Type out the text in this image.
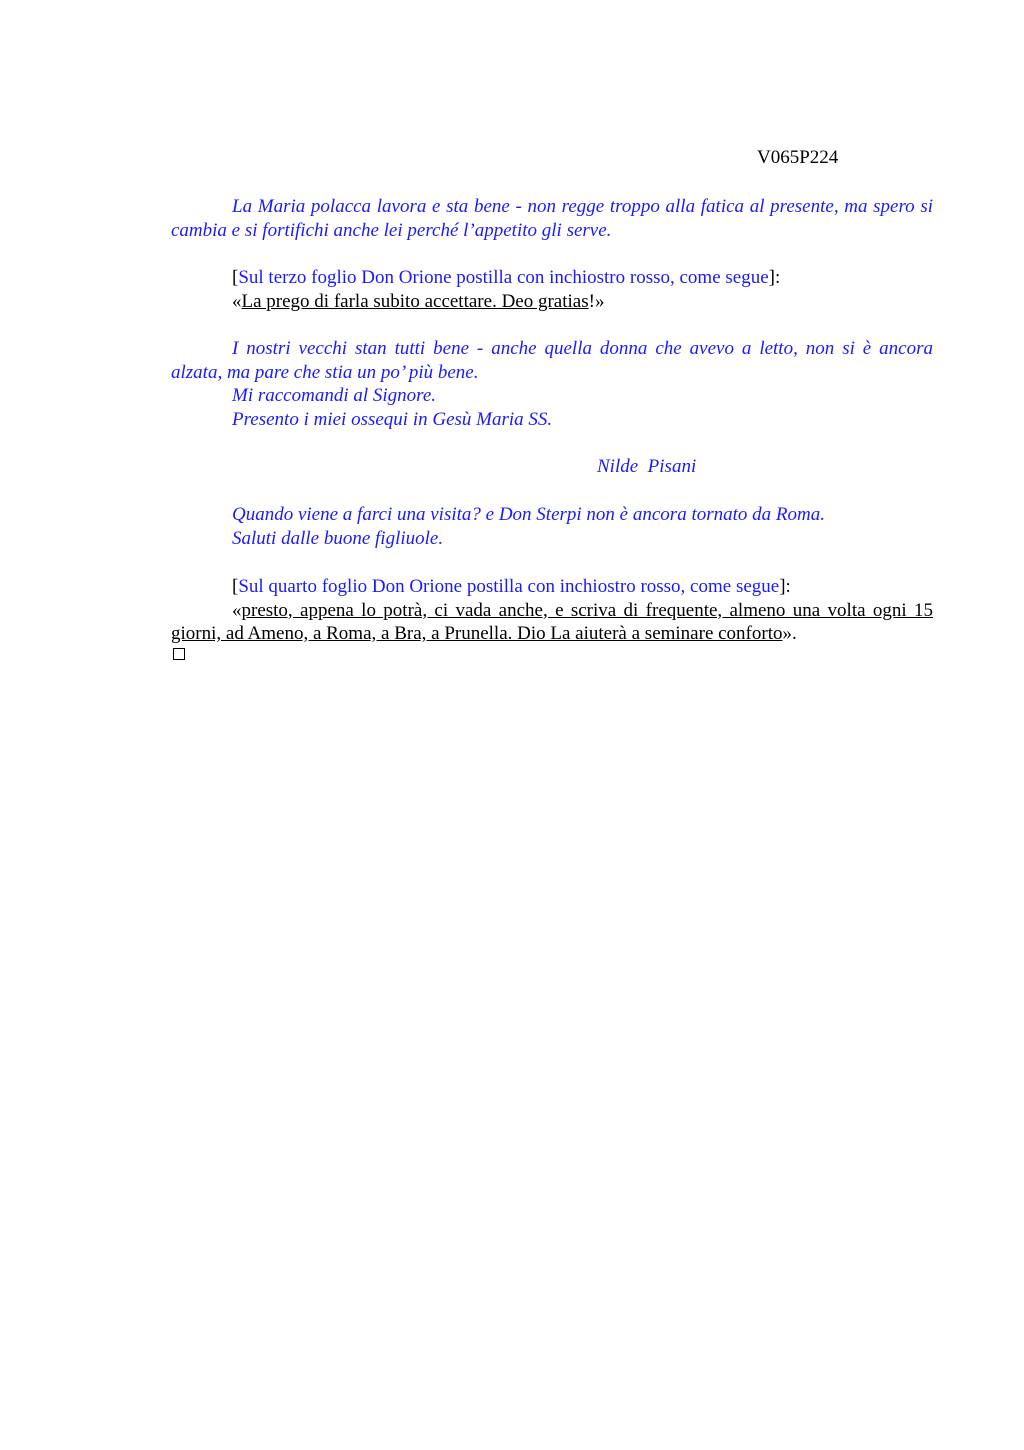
V065P224

La Maria polacca lavora e sta bene - non regge troppo alla fatica al presente, ma spero si cambia e si fortifichi anche lei perché l’appetito gli serve.

[Sul terzo foglio Don Orione postilla con inchiostro rosso, come segue]:

«La prego di farla subito accettare. Deo gratias!»

I nostri vecchi stan tutti bene - anche quella donna che avevo a letto, non si è ancora alzata, ma pare che stia un po’ più bene.

Mi raccomandi al Signore.

Presento i miei ossequi in Gesù Maria SS.

Nilde  Pisani

Quando viene a farci una visita? e Don Sterpi non è ancora tornato da Roma.

Saluti dalle buone figliuole.

[Sul quarto foglio Don Orione postilla con inchiostro rosso, come segue]:

«presto, appena lo potrà, ci vada anche, e scriva di frequente, almeno una volta ogni 15 giorni, ad Ameno, a Roma, a Bra, a Prunella. Dio La aiuterà a seminare conforto».
